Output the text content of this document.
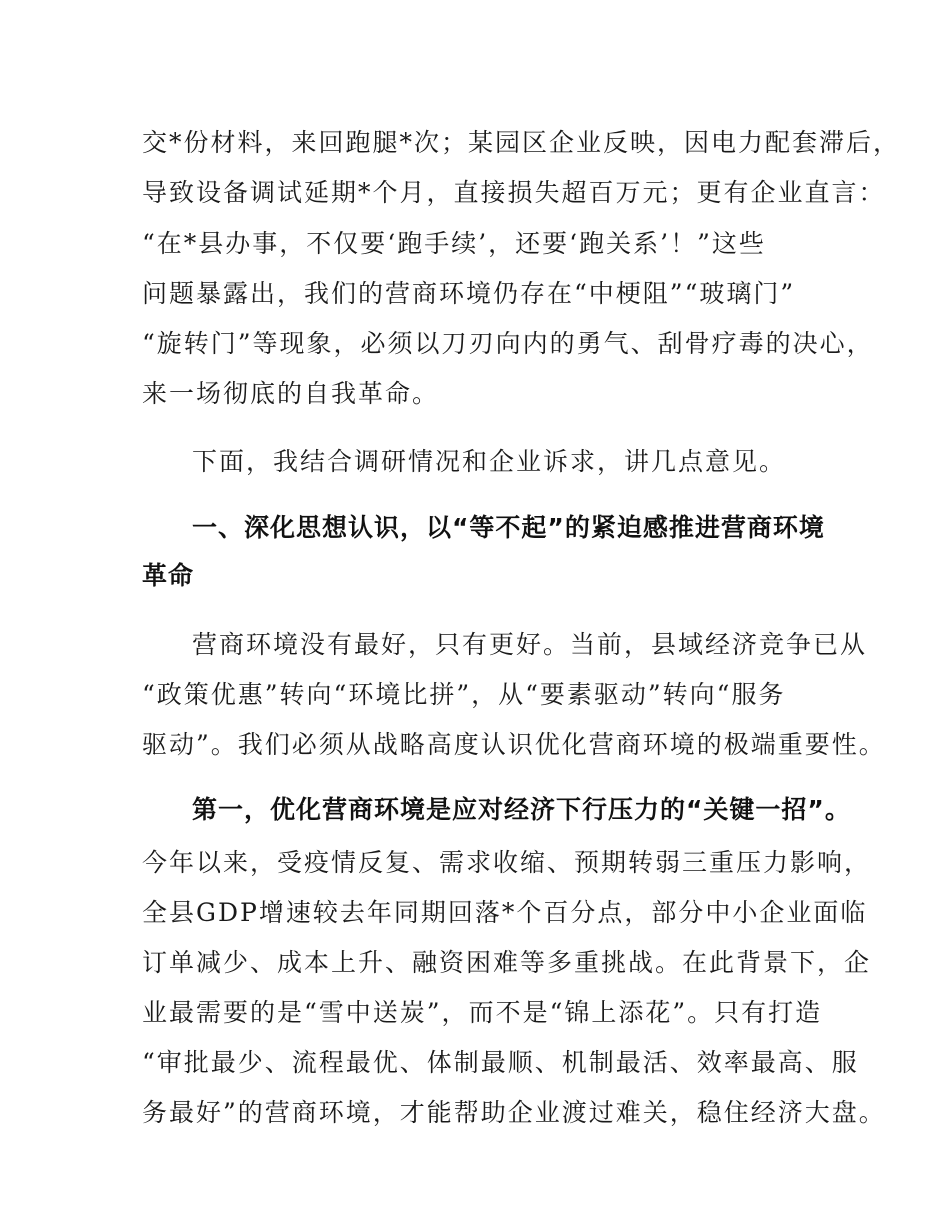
交*份材料，来回跑腿*次；某园区企业反映，因电力配套滞后，
导致设备调试延期*个月，直接损失超百万元；更有企业直言：
“在*县办事，不仅要‘跑手续’，还要‘跑关系’！”这些
问题暴露出，我们的营商环境仍存在“中梗阻”“玻璃门”
“旋转门”等现象，必须以刀刃向内的勇气、刮骨疗毒的决心，
来一场彻底的自我革命。
下面，我结合调研情况和企业诉求，讲几点意见。
一、深化思想认识，以“等不起”的紧迫感推进营商环境
革命
营商环境没有最好，只有更好。当前，县域经济竞争已从
“政策优惠”转向“环境比拼”，从“要素驱动”转向“服务
驱动”。我们必须从战略高度认识优化营商环境的极端重要性。
第一，优化营商环境是应对经济下行压力的“关键一招”。
今年以来，受疫情反复、需求收缩、预期转弱三重压力影响，
全县GDP增速较去年同期回落*个百分点，部分中小企业面临
订单减少、成本上升、融资困难等多重挑战。在此背景下，企
业最需要的是“雪中送炭”，而不是“锦上添花”。只有打造
“审批最少、流程最优、体制最顺、机制最活、效率最高、服
务最好”的营商环境，才能帮助企业渡过难关，稳住经济大盘。
